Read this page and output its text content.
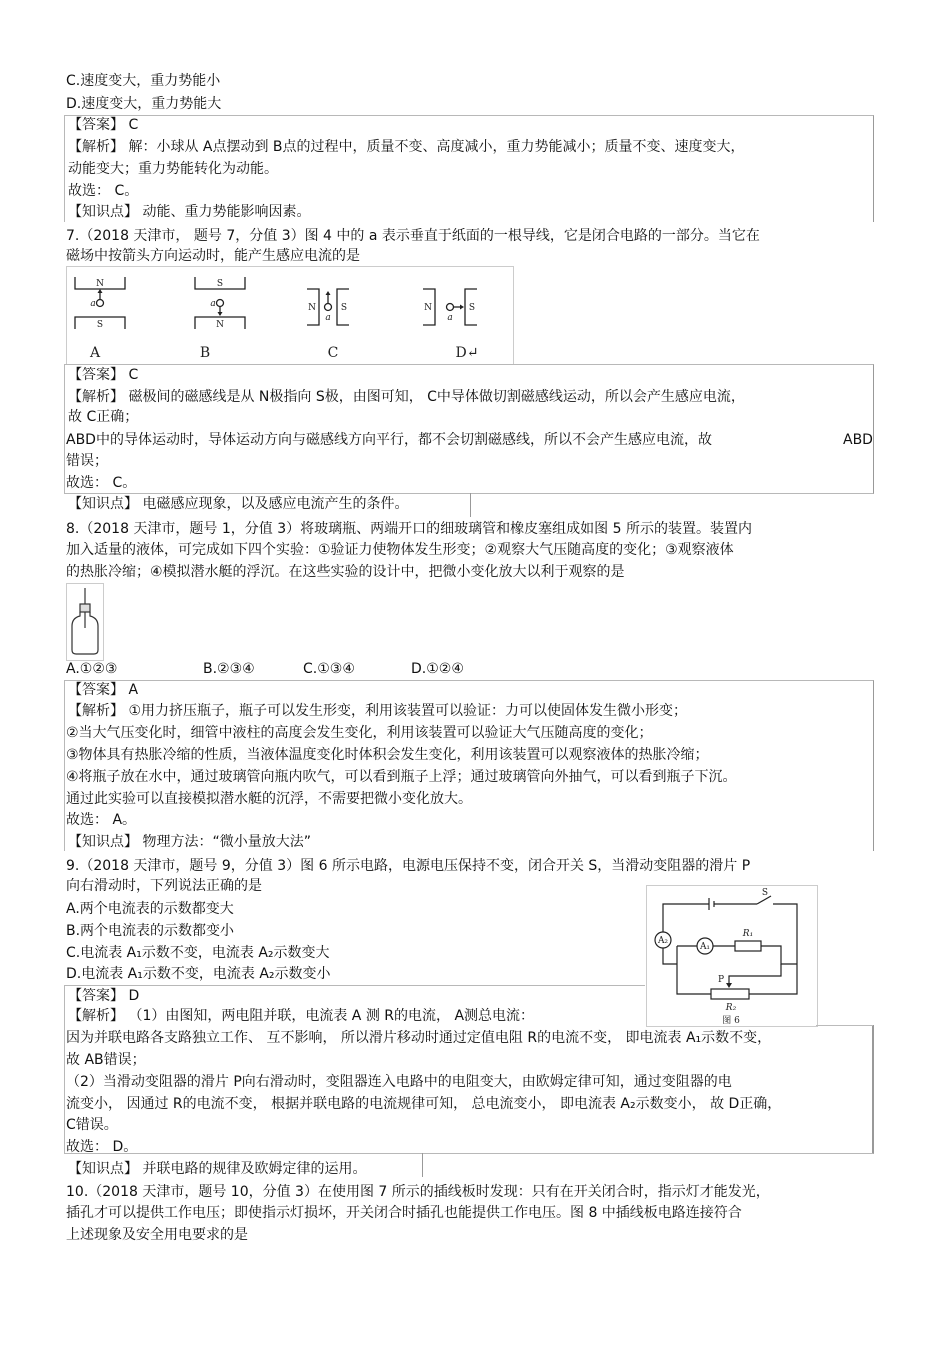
C.速度变大，重力势能小
D.速度变大，重力势能大
【答案】 C
【解析】 解：小球从 A点摆动到 B点的过程中，质量不变、高度减小，重力势能减小；质量不变、速度变大，
动能变大；重力势能转化为动能。
故选： C。
【知识点】 动能、重力势能影响因素。
7.（2018 天津市， 题号 7，分值 3）图 4 中的 a 表示垂直于纸面的一根导线，它是闭合电路的一部分。当它在
磁场中按箭头方向运动时，能产生感应电流的是
N
S
S
N
N	S	N	S
a	a
a	a
A	B	C	D↵
【答案】 C
【解析】 磁极间的磁感线是从 N极指向 S极，由图可知， C中导体做切割磁感线运动，所以会产生感应电流，
故 C正确；
ABD中的导体运动时，导体运动方向与磁感线方向平行，都不会切割磁感线，所以不会产生感应电流，故	ABD
错误；
故选： C。
【知识点】 电磁感应现象，以及感应电流产生的条件。
8.（2018 天津市，题号 1，分值 3）将玻璃瓶、两端开口的细玻璃管和橡皮塞组成如图 5 所示的装置。装置内
加入适量的液体，可完成如下四个实验：①验证力使物体发生形变；②观察大气压随高度的变化；③观察液体
的热胀冷缩；④模拟潜水艇的浮沉。在这些实验的设计中，把微小变化放大以利于观察的是
A.①②③	B.②③④	C.①③④	D.①②④
【答案】 A
【解析】 ①用力挤压瓶子，瓶子可以发生形变，利用该装置可以验证：力可以使固体发生微小形变；
②当大气压变化时，细管中液柱的高度会发生变化，利用该装置可以验证大气压随高度的变化；
③物体具有热胀冷缩的性质，当液体温度变化时体积会发生变化，利用该装置可以观察液体的热胀冷缩；
④将瓶子放在水中，通过玻璃管向瓶内吹气，可以看到瓶子上浮；通过玻璃管向外抽气，可以看到瓶子下沉。
通过此实验可以直接模拟潜水艇的沉浮，不需要把微小变化放大。
故选： A。
【知识点】 物理方法：“微小量放大法”
9.（2018 天津市，题号 9，分值 3）图 6 所示电路，电源电压保持不变，闭合开关 S，当滑动变阻器的滑片 P
向右滑动时，下列说法正确的是
A.两个电流表的示数都变大
B.两个电流表的示数都变小
C.电流表 A₁示数不变，电流表 A₂示数变大
D.电流表 A₁示数不变，电流表 A₂示数变小
S
A₂
A₁
R₁
P
R₂
图 6
【答案】 D
【解析】 （1）由图知，两电阻并联，电流表 A 测 R的电流， A测总电流：
因为并联电路各支路独立工作、 互不影响， 所以滑片移动时通过定值电阻 R的电流不变， 即电流表 A₁示数不变，
故 AB错误；
（2）当滑动变阻器的滑片 P向右滑动时，变阻器连入电路中的电阻变大，由欧姆定律可知，通过变阻器的电
流变小， 因通过 R的电流不变， 根据并联电路的电流规律可知， 总电流变小， 即电流表 A₂示数变小， 故 D正确，
C错误。
故选： D。
【知识点】 并联电路的规律及欧姆定律的运用。
10.（2018 天津市，题号 10，分值 3）在使用图 7 所示的插线板时发现：只有在开关闭合时，指示灯才能发光，
插孔才可以提供工作电压；即使指示灯损坏，开关闭合时插孔也能提供工作电压。图 8 中插线板电路连接符合
上述现象及安全用电要求的是
